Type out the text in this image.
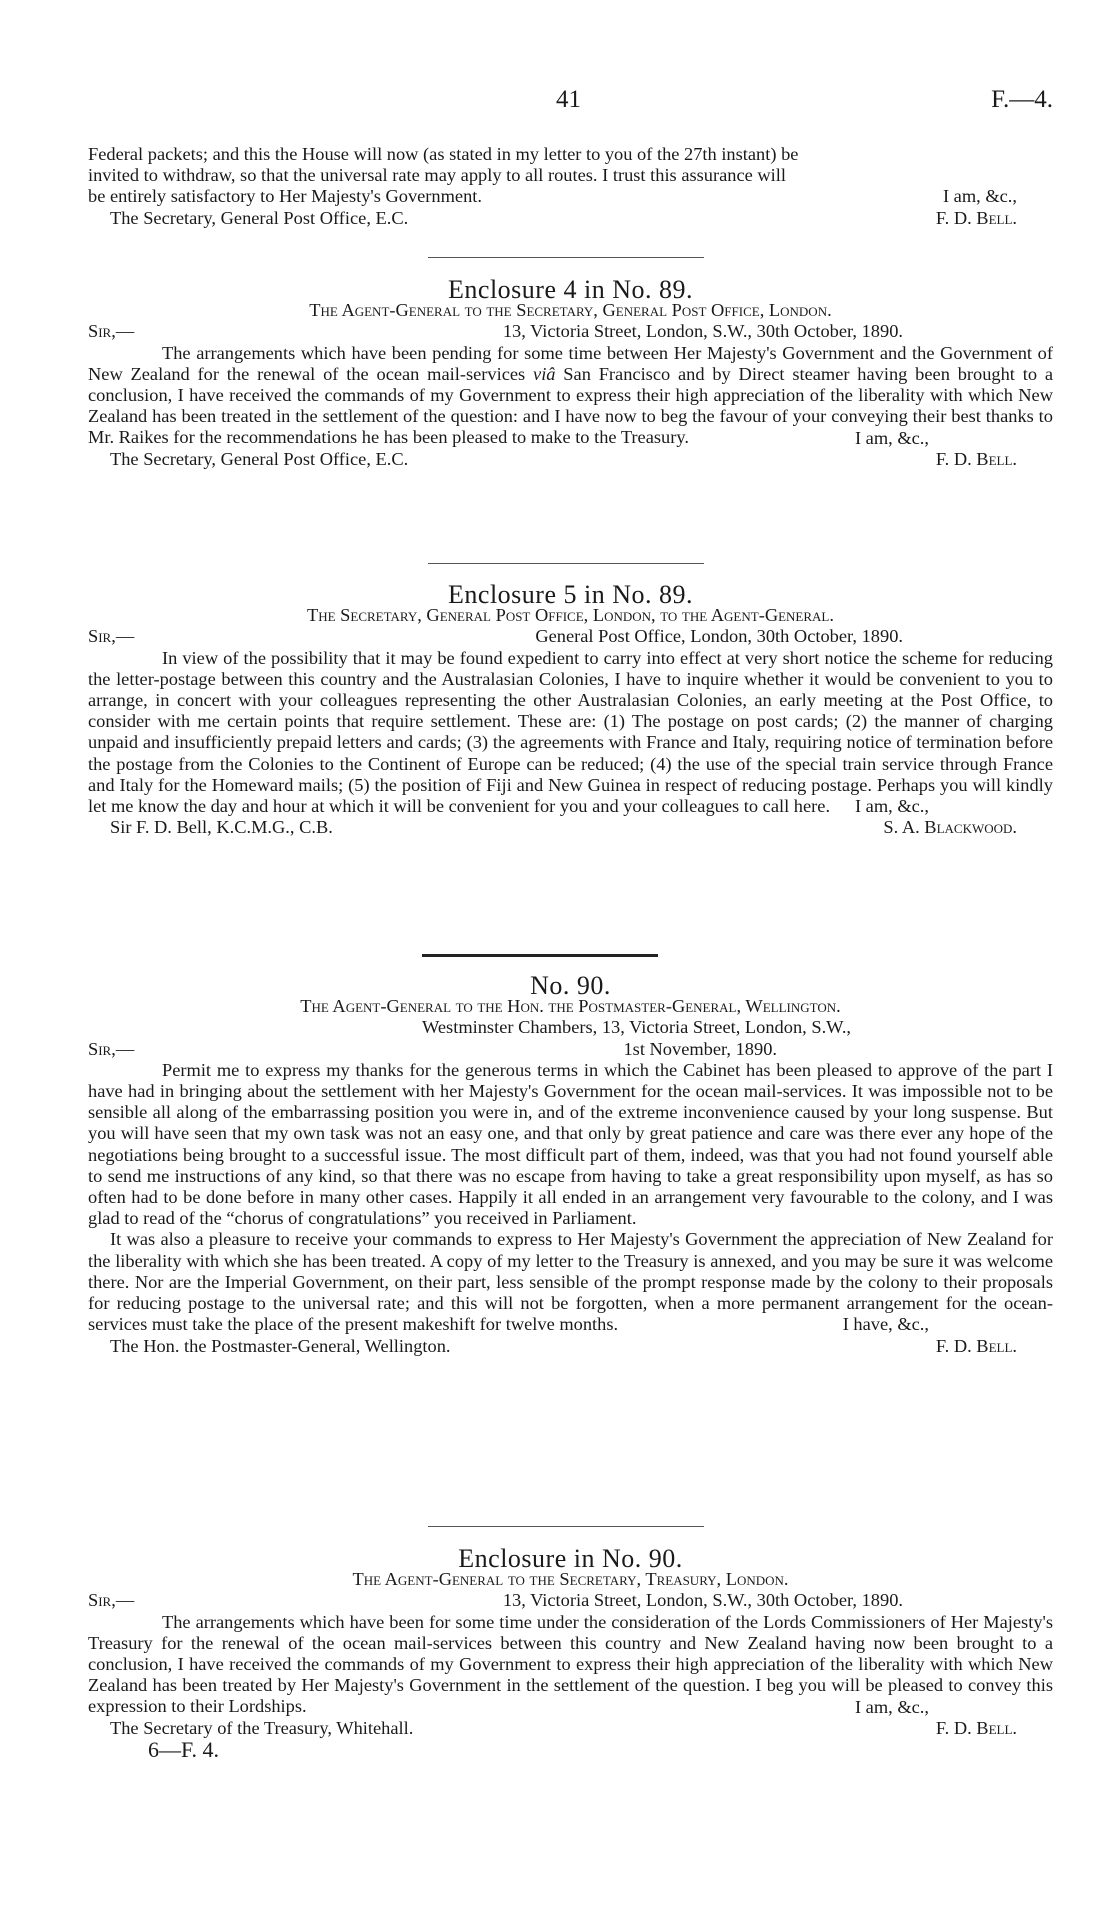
41	F.—4.
Federal packets; and this the House will now (as stated in my letter to you of the 27th instant) be
invited to withdraw, so that the universal rate may apply to all routes. I trust this assurance will
be entirely satisfactory to Her Majesty's Government.	I am, &c.,
The Secretary, General Post Office, E.C.	F. D. Bell.
Enclosure 4 in No. 89.
The Agent-General to the Secretary, General Post Office, London.
Sir,—	13, Victoria Street, London, S.W., 30th October, 1890.
The arrangements which have been pending for some time between Her Majesty's Government and the Government of New Zealand for the renewal of the ocean mail-services viâ San Francisco and by Direct steamer having been brought to a conclusion, I have received the commands of my Government to express their high appreciation of the liberality with which New Zealand has been treated in the settlement of the question: and I have now to beg the favour of your conveying their best thanks to Mr. Raikes for the recommendations he has been pleased to make to the Treasury.	I am, &c.,
The Secretary, General Post Office, E.C.	F. D. Bell.
Enclosure 5 in No. 89.
The Secretary, General Post Office, London, to the Agent-General.
Sir,—	General Post Office, London, 30th October, 1890.
In view of the possibility that it may be found expedient to carry into effect at very short notice the scheme for reducing the letter-postage between this country and the Australasian Colonies, I have to inquire whether it would be convenient to you to arrange, in concert with your colleagues representing the other Australasian Colonies, an early meeting at the Post Office, to consider with me certain points that require settlement. These are: (1) The postage on post cards; (2) the manner of charging unpaid and insufficiently prepaid letters and cards; (3) the agreements with France and Italy, requiring notice of termination before the postage from the Colonies to the Continent of Europe can be reduced; (4) the use of the special train service through France and Italy for the Homeward mails; (5) the position of Fiji and New Guinea in respect of reducing postage. Perhaps you will kindly let me know the day and hour at which it will be convenient for you and your colleagues to call here.	I am, &c.,
Sir F. D. Bell, K.C.M.G., C.B.	S. A. Blackwood.
No. 90.
The Agent-General to the Hon. the Postmaster-General, Wellington.
Westminster Chambers, 13, Victoria Street, London, S.W.,
Sir,—	1st November, 1890.
Permit me to express my thanks for the generous terms in which the Cabinet has been pleased to approve of the part I have had in bringing about the settlement with her Majesty's Government for the ocean mail-services. It was impossible not to be sensible all along of the embarrassing position you were in, and of the extreme inconvenience caused by your long suspense. But you will have seen that my own task was not an easy one, and that only by great patience and care was there ever any hope of the negotiations being brought to a successful issue. The most difficult part of them, indeed, was that you had not found yourself able to send me instructions of any kind, so that there was no escape from having to take a great responsibility upon myself, as has so often had to be done before in many other cases. Happily it all ended in an arrangement very favourable to the colony, and I was glad to read of the “chorus of congratulations” you received in Parliament.
It was also a pleasure to receive your commands to express to Her Majesty's Government the appreciation of New Zealand for the liberality with which she has been treated. A copy of my letter to the Treasury is annexed, and you may be sure it was welcome there. Nor are the Imperial Government, on their part, less sensible of the prompt response made by the colony to their proposals for reducing postage to the universal rate; and this will not be forgotten, when a more permanent arrangement for the ocean-services must take the place of the present makeshift for twelve months.	I have, &c.,
The Hon. the Postmaster-General, Wellington.	F. D. Bell.
Enclosure in No. 90.
The Agent-General to the Secretary, Treasury, London.
Sir,—	13, Victoria Street, London, S.W., 30th October, 1890.
The arrangements which have been for some time under the consideration of the Lords Commissioners of Her Majesty's Treasury for the renewal of the ocean mail-services between this country and New Zealand having now been brought to a conclusion, I have received the commands of my Government to express their high appreciation of the liberality with which New Zealand has been treated by Her Majesty's Government in the settlement of the question. I beg you will be pleased to convey this expression to their Lordships.	I am, &c.,
The Secretary of the Treasury, Whitehall.	F. D. Bell.
6—F. 4.
